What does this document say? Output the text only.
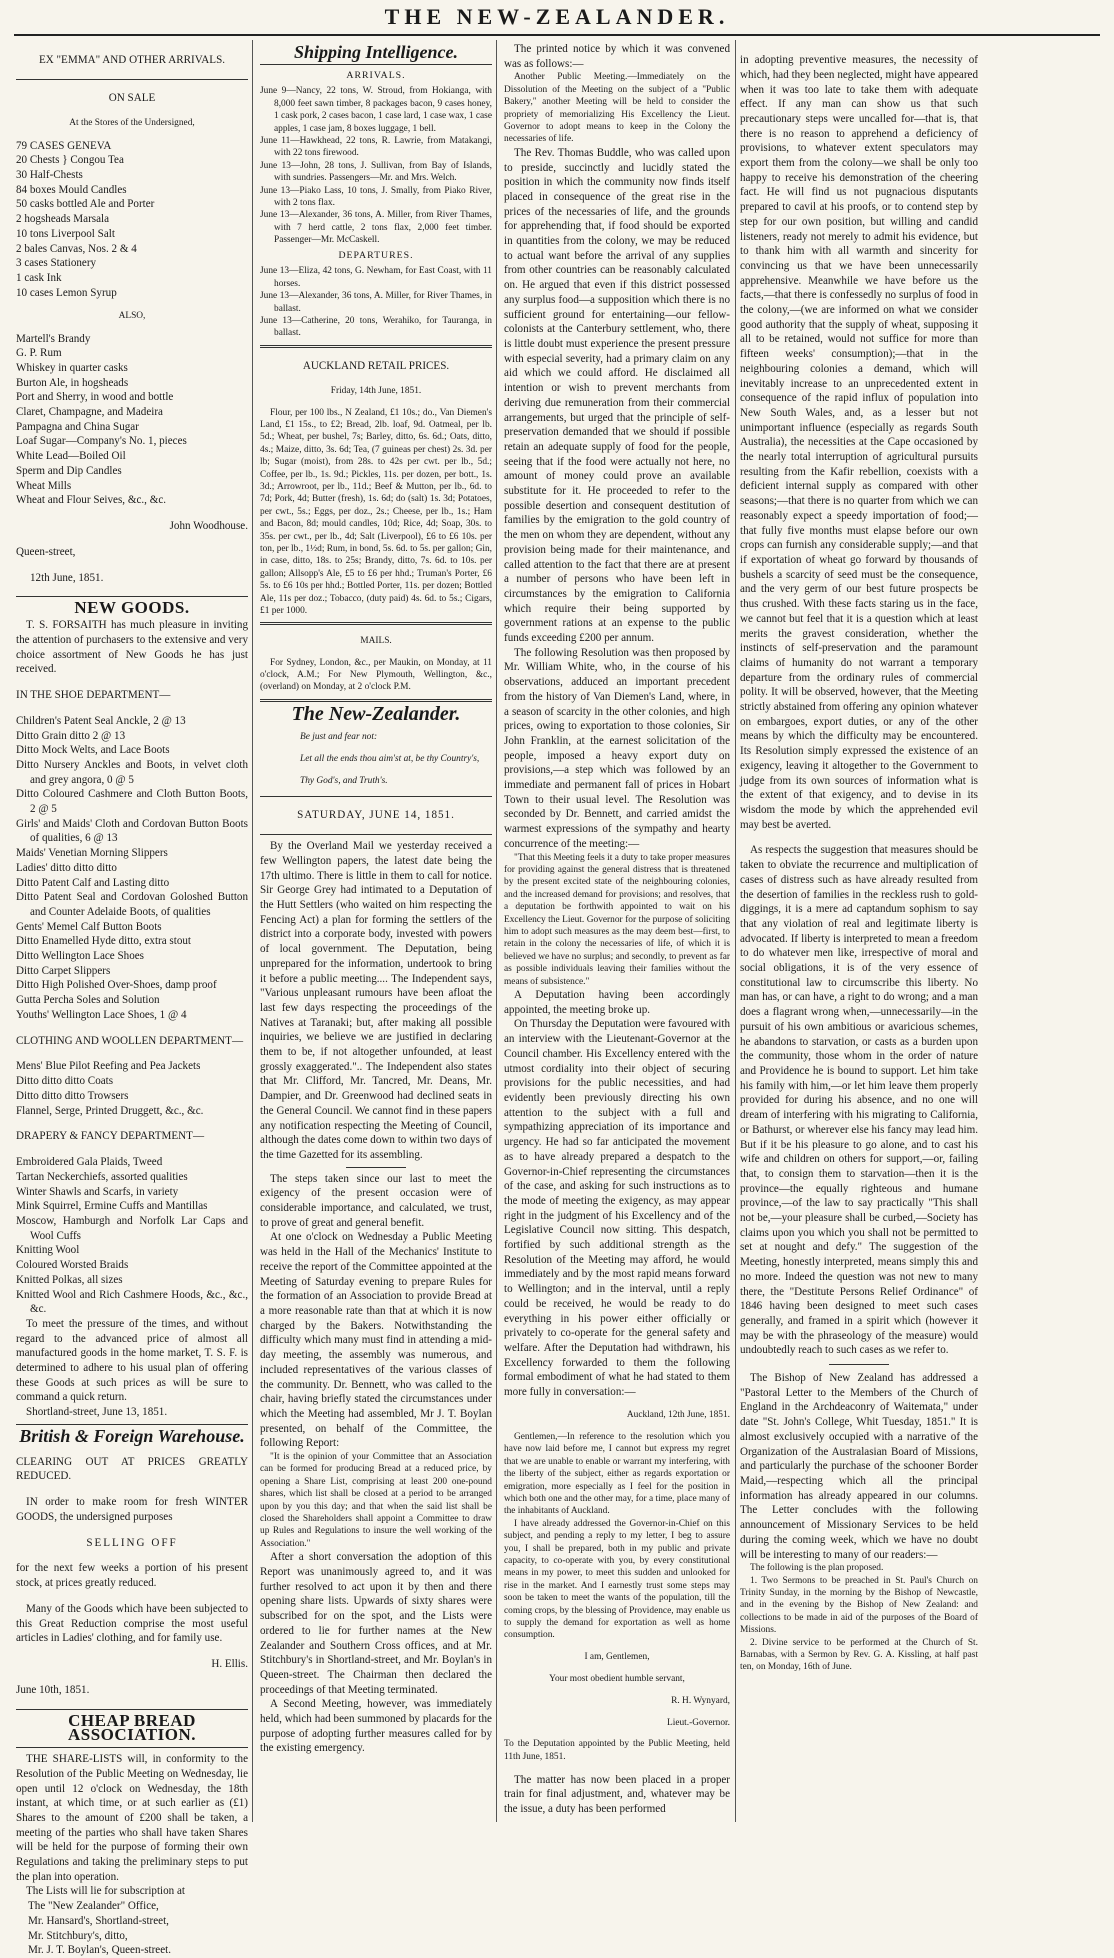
THE NEW-ZEALANDER.

EX "EMMA" AND OTHER ARRIVALS.

ON SALE

At the Stores of the Undersigned,

79 CASES GENEVA

20 Chests } Congou Tea

30 Half-Chests

84 boxes Mould Candles

50 casks bottled Ale and Porter

2 hogsheads Marsala

10 tons Liverpool Salt

2 bales Canvas, Nos. 2 & 4

3 cases Stationery

1 cask Ink

10 cases Lemon Syrup

ALSO,

Martell's Brandy

G. P. Rum

Whiskey in quarter casks

Burton Ale, in hogsheads

Port and Sherry, in wood and bottle

Claret, Champagne, and Madeira

Pampagna and China Sugar

Loaf Sugar—Company's No. 1, pieces

White Lead—Boiled Oil

Sperm and Dip Candles

Wheat Mills

Wheat and Flour Seives, &c., &c.

John Woodhouse.

Queen-street,

12th June, 1851.

NEW GOODS.

T. S. FORSAITH has much pleasure in inviting the attention of purchasers to the extensive and very choice assortment of New Goods he has just received.

IN THE SHOE DEPARTMENT—

Children's Patent Seal Anckle, 2 @ 13

Ditto Grain ditto 2 @ 13

Ditto Mock Welts, and Lace Boots

Ditto Nursery Anckles and Boots, in velvet cloth and grey angora, 0 @ 5

Ditto Coloured Cashmere and Cloth Button Boots, 2 @ 5

Girls' and Maids' Cloth and Cordovan Button Boots of qualities, 6 @ 13

Maids' Venetian Morning Slippers

Ladies' ditto ditto ditto

Ditto Patent Calf and Lasting ditto

Ditto Patent Seal and Cordovan Goloshed Button and Counter Adelaide Boots, of qualities

Gents' Memel Calf Button Boots

Ditto Enamelled Hyde ditto, extra stout

Ditto Wellington Lace Shoes

Ditto Carpet Slippers

Ditto High Polished Over-Shoes, damp proof

Gutta Percha Soles and Solution

Youths' Wellington Lace Shoes, 1 @ 4

CLOTHING AND WOOLLEN DEPARTMENT—

Mens' Blue Pilot Reefing and Pea Jackets

Ditto ditto ditto Coats

Ditto ditto ditto Trowsers

Flannel, Serge, Printed Druggett, &c., &c.

DRAPERY & FANCY DEPARTMENT—

Embroidered Gala Plaids, Tweed

Tartan Neckerchiefs, assorted qualities

Winter Shawls and Scarfs, in variety

Mink Squirrel, Ermine Cuffs and Mantillas

Moscow, Hamburgh and Norfolk Lar Caps and Wool Cuffs

Knitting Wool

Coloured Worsted Braids

Knitted Polkas, all sizes

Knitted Wool and Rich Cashmere Hoods, &c., &c., &c.

To meet the pressure of the times, and without regard to the advanced price of almost all manufactured goods in the home market, T. S. F. is determined to adhere to his usual plan of offering these Goods at such prices as will be sure to command a quick return.

Shortland-street, June 13, 1851.

British & Foreign Warehouse.

CLEARING OUT AT PRICES GREATLY REDUCED.

IN order to make room for fresh WINTER GOODS, the undersigned purposes

SELLING OFF

for the next few weeks a portion of his present stock, at prices greatly reduced.

Many of the Goods which have been subjected to this Great Reduction comprise the most useful articles in Ladies' clothing, and for family use.

H. Ellis.

June 10th, 1851.

CHEAP BREAD ASSOCIATION.

THE SHARE-LISTS will, in conformity to the Resolution of the Public Meeting on Wednesday, lie open until 12 o'clock on Wednesday, the 18th instant, at which time, or at such earlier as (£1) Shares to the amount of £200 shall be taken, a meeting of the parties who shall have taken Shares will be held for the purpose of forming their own Regulations and taking the preliminary steps to put the plan into operation.

The Lists will lie for subscription at

The "New Zealander" Office,

Mr. Hansard's, Shortland-street,

Mr. Stitchbury's, ditto,

Mr. J. T. Boylan's, Queen-street.

Shipping Intelligence.

ARRIVALS.

June 9—Nancy, 22 tons, W. Stroud, from Hokianga, with 8,000 feet sawn timber, 8 packages bacon, 9 cases honey, 1 cask pork, 2 cases bacon, 1 case lard, 1 case wax, 1 case apples, 1 case jam, 8 boxes luggage, 1 bell.

June 11—Hawkhead, 22 tons, R. Lawrie, from Matakangi, with 22 tons firewood.

June 13—John, 28 tons, J. Sullivan, from Bay of Islands, with sundries. Passengers—Mr. and Mrs. Welch.

June 13—Piako Lass, 10 tons, J. Smally, from Piako River, with 2 tons flax.

June 13—Alexander, 36 tons, A. Miller, from River Thames, with 7 herd cattle, 2 tons flax, 2,000 feet timber. Passenger—Mr. McCaskell.

DEPARTURES.

June 13—Eliza, 42 tons, G. Newham, for East Coast, with 11 horses.

June 13—Alexander, 36 tons, A. Miller, for River Thames, in ballast.

June 13—Catherine, 20 tons, Werahiko, for Tauranga, in ballast.

AUCKLAND RETAIL PRICES.

Friday, 14th June, 1851.

Flour, per 100 lbs., N Zealand, £1 10s.; do., Van Diemen's Land, £1 15s., to £2; Bread, 2lb. loaf, 9d. Oatmeal, per lb. 5d.; Wheat, per bushel, 7s; Barley, ditto, 6s. 6d.; Oats, ditto, 4s.; Maize, ditto, 3s. 6d; Tea, (7 guineas per chest) 2s. 3d. per lb; Sugar (moist), from 28s. to 42s per cwt. per lb., 5d.; Coffee, per lb., 1s. 9d.; Pickles, 11s. per dozen, per bott., 1s. 3d.; Arrowroot, per lb., 11d.; Beef & Mutton, per lb., 6d. to 7d; Pork, 4d; Butter (fresh), 1s. 6d; do (salt) 1s. 3d; Potatoes, per cwt., 5s.; Eggs, per doz., 2s.; Cheese, per lb., 1s.; Ham and Bacon, 8d; mould candles, 10d; Rice, 4d; Soap, 30s. to 35s. per cwt., per lb., 4d; Salt (Liverpool), £6 to £6 10s. per ton, per lb., 1½d; Rum, in bond, 5s. 6d. to 5s. per gallon; Gin, in case, ditto, 18s. to 25s; Brandy, ditto, 7s. 6d. to 10s. per gallon; Allsopp's Ale, £5 to £6 per hhd.; Truman's Porter, £6 5s. to £6 10s per hhd.; Bottled Porter, 11s. per dozen; Bottled Ale, 11s per doz.; Tobacco, (duty paid) 4s. 6d. to 5s.; Cigars, £1 per 1000.

MAILS.

For Sydney, London, &c., per Maukin, on Monday, at 11 o'clock, A.M.; For New Plymouth, Wellington, &c., (overland) on Monday, at 2 o'clock P.M.

The New-Zealander.

Be just and fear not:

Let all the ends thou aim'st at, be thy Country's,

Thy God's, and Truth's.

SATURDAY, JUNE 14, 1851.

By the Overland Mail we yesterday received a few Wellington papers, the latest date being the 17th ultimo. There is little in them to call for notice. Sir George Grey had intimated to a Deputation of the Hutt Settlers (who waited on him respecting the Fencing Act) a plan for forming the settlers of the district into a corporate body, invested with powers of local government. The Deputation, being unprepared for the information, undertook to bring it before a public meeting.... The Independent says, "Various unpleasant rumours have been afloat the last few days respecting the proceedings of the Natives at Taranaki; but, after making all possible inquiries, we believe we are justified in declaring them to be, if not altogether unfounded, at least grossly exaggerated.".. The Independent also states that Mr. Clifford, Mr. Tancred, Mr. Deans, Mr. Dampier, and Dr. Greenwood had declined seats in the General Council. We cannot find in these papers any notification respecting the Meeting of Council, although the dates come down to within two days of the time Gazetted for its assembling.

The steps taken since our last to meet the exigency of the present occasion were of considerable importance, and calculated, we trust, to prove of great and general benefit.

At one o'clock on Wednesday a Public Meeting was held in the Hall of the Mechanics' Institute to receive the report of the Committee appointed at the Meeting of Saturday evening to prepare Rules for the formation of an Association to provide Bread at a more reasonable rate than that at which it is now charged by the Bakers. Notwithstanding the difficulty which many must find in attending a mid-day meeting, the assembly was numerous, and included representatives of the various classes of the community. Dr. Bennett, who was called to the chair, having briefly stated the circumstances under which the Meeting had assembled, Mr J. T. Boylan presented, on behalf of the Committee, the following Report:

"It is the opinion of your Committee that an Association can be formed for producing Bread at a reduced price, by opening a Share List, comprising at least 200 one-pound shares, which list shall be closed at a period to be arranged upon by you this day; and that when the said list shall be closed the Shareholders shall appoint a Committee to draw up Rules and Regulations to insure the well working of the Association."

After a short conversation the adoption of this Report was unanimously agreed to, and it was further resolved to act upon it by then and there opening share lists. Upwards of sixty shares were subscribed for on the spot, and the Lists were ordered to lie for further names at the New Zealander and Southern Cross offices, and at Mr. Stitchbury's in Shortland-street, and Mr. Boylan's in Queen-street. The Chairman then declared the proceedings of that Meeting terminated.

A Second Meeting, however, was immediately held, which had been summoned by placards for the purpose of adopting further measures called for by the existing emergency.

The printed notice by which it was convened was as follows:—

Another Public Meeting.—Immediately on the Dissolution of the Meeting on the subject of a "Public Bakery," another Meeting will be held to consider the propriety of memorializing His Excellency the Lieut. Governor to adopt means to keep in the Colony the necessaries of life.

The Rev. Thomas Buddle, who was called upon to preside, succinctly and lucidly stated the position in which the community now finds itself placed in consequence of the great rise in the prices of the necessaries of life, and the grounds for apprehending that, if food should be exported in quantities from the colony, we may be reduced to actual want before the arrival of any supplies from other countries can be reasonably calculated on. He argued that even if this district possessed any surplus food—a supposition which there is no sufficient ground for entertaining—our fellow-colonists at the Canterbury settlement, who, there is little doubt must experience the present pressure with especial severity, had a primary claim on any aid which we could afford. He disclaimed all intention or wish to prevent merchants from deriving due remuneration from their commercial arrangements, but urged that the principle of self-preservation demanded that we should if possible retain an adequate supply of food for the people, seeing that if the food were actually not here, no amount of money could prove an available substitute for it. He proceeded to refer to the possible desertion and consequent destitution of families by the emigration to the gold country of the men on whom they are dependent, without any provision being made for their maintenance, and called attention to the fact that there are at present a number of persons who have been left in circumstances by the emigration to California which require their being supported by government rations at an expense to the public funds exceeding £200 per annum.

The following Resolution was then proposed by Mr. William White, who, in the course of his observations, adduced an important precedent from the history of Van Diemen's Land, where, in a season of scarcity in the other colonies, and high prices, owing to exportation to those colonies, Sir John Franklin, at the earnest solicitation of the people, imposed a heavy export duty on provisions,—a step which was followed by an immediate and permanent fall of prices in Hobart Town to their usual level. The Resolution was seconded by Dr. Bennett, and carried amidst the warmest expressions of the sympathy and hearty concurrence of the meeting:—

"That this Meeting feels it a duty to take proper measures for providing against the general distress that is threatened by the present excited state of the neighbouring colonies, and the increased demand for provisions; and resolves, that a deputation be forthwith appointed to wait on his Excellency the Lieut. Governor for the purpose of soliciting him to adopt such measures as the may deem best—first, to retain in the colony the necessaries of life, of which it is believed we have no surplus; and secondly, to prevent as far as possible individuals leaving their families without the means of subsistence."

A Deputation having been accordingly appointed, the meeting broke up.

On Thursday the Deputation were favoured with an interview with the Lieutenant-Governor at the Council chamber. His Excellency entered with the utmost cordiality into their object of securing provisions for the public necessities, and had evidently been previously directing his own attention to the subject with a full and sympathizing appreciation of its importance and urgency. He had so far anticipated the movement as to have already prepared a despatch to the Governor-in-Chief representing the circumstances of the case, and asking for such instructions as to the mode of meeting the exigency, as may appear right in the judgment of his Excellency and of the Legislative Council now sitting. This despatch, fortified by such additional strength as the Resolution of the Meeting may afford, he would immediately and by the most rapid means forward to Wellington; and in the interval, until a reply could be received, he would be ready to do everything in his power either officially or privately to co-operate for the general safety and welfare. After the Deputation had withdrawn, his Excellency forwarded to them the following formal embodiment of what he had stated to them more fully in conversation:—

Auckland, 12th June, 1851.

Gentlemen,—In reference to the resolution which you have now laid before me, I cannot but express my regret that we are unable to enable or warrant my interfering, with the liberty of the subject, either as regards exportation or emigration, more especially as I feel for the position in which both one and the other may, for a time, place many of the inhabitants of Auckland.

I have already addressed the Governor-in-Chief on this subject, and pending a reply to my letter, I beg to assure you, I shall be prepared, both in my public and private capacity, to co-operate with you, by every constitutional means in my power, to meet this sudden and unlooked for rise in the market. And I earnestly trust some steps may soon be taken to meet the wants of the population, till the coming crops, by the blessing of Providence, may enable us to supply the demand for exportation as well as home consumption.

I am, Gentlemen,

Your most obedient humble servant,

R. H. Wynyard,

Lieut.-Governor.

To the Deputation appointed by the Public Meeting, held 11th June, 1851.

The matter has now been placed in a proper train for final adjustment, and, whatever may be the issue, a duty has been performed

in adopting preventive measures, the necessity of which, had they been neglected, might have appeared when it was too late to take them with adequate effect. If any man can show us that such precautionary steps were uncalled for—that is, that there is no reason to apprehend a deficiency of provisions, to whatever extent speculators may export them from the colony—we shall be only too happy to receive his demonstration of the cheering fact. He will find us not pugnacious disputants prepared to cavil at his proofs, or to contend step by step for our own position, but willing and candid listeners, ready not merely to admit his evidence, but to thank him with all warmth and sincerity for convincing us that we have been unnecessarily apprehensive. Meanwhile we have before us the facts,—that there is confessedly no surplus of food in the colony,—(we are informed on what we consider good authority that the supply of wheat, supposing it all to be retained, would not suffice for more than fifteen weeks' consumption);—that in the neighbouring colonies a demand, which will inevitably increase to an unprecedented extent in consequence of the rapid influx of population into New South Wales, and, as a lesser but not unimportant influence (especially as regards South Australia), the necessities at the Cape occasioned by the nearly total interruption of agricultural pursuits resulting from the Kafir rebellion, coexists with a deficient internal supply as compared with other seasons;—that there is no quarter from which we can reasonably expect a speedy importation of food;—that fully five months must elapse before our own crops can furnish any considerable supply;—and that if exportation of wheat go forward by thousands of bushels a scarcity of seed must be the consequence, and the very germ of our best future prospects be thus crushed. With these facts staring us in the face, we cannot but feel that it is a question which at least merits the gravest consideration, whether the instincts of self-preservation and the paramount claims of humanity do not warrant a temporary departure from the ordinary rules of commercial polity. It will be observed, however, that the Meeting strictly abstained from offering any opinion whatever on embargoes, export duties, or any of the other means by which the difficulty may be encountered. Its Resolution simply expressed the existence of an exigency, leaving it altogether to the Government to judge from its own sources of information what is the extent of that exigency, and to devise in its wisdom the mode by which the apprehended evil may best be averted.

As respects the suggestion that measures should be taken to obviate the recurrence and multiplication of cases of distress such as have already resulted from the desertion of families in the reckless rush to gold-diggings, it is a mere ad captandum sophism to say that any violation of real and legitimate liberty is advocated. If liberty is interpreted to mean a freedom to do whatever men like, irrespective of moral and social obligations, it is of the very essence of constitutional law to circumscribe this liberty. No man has, or can have, a right to do wrong; and a man does a flagrant wrong when,—unnecessarily—in the pursuit of his own ambitious or avaricious schemes, he abandons to starvation, or casts as a burden upon the community, those whom in the order of nature and Providence he is bound to support. Let him take his family with him,—or let him leave them properly provided for during his absence, and no one will dream of interfering with his migrating to California, or Bathurst, or wherever else his fancy may lead him. But if it be his pleasure to go alone, and to cast his wife and children on others for support,—or, failing that, to consign them to starvation—then it is the province—the equally righteous and humane province,—of the law to say practically "This shall not be,—your pleasure shall be curbed,—Society has claims upon you which you shall not be permitted to set at nought and defy." The suggestion of the Meeting, honestly interpreted, means simply this and no more. Indeed the question was not new to many there, the "Destitute Persons Relief Ordinance" of 1846 having been designed to meet such cases generally, and framed in a spirit which (however it may be with the phraseology of the measure) would undoubtedly reach to such cases as we refer to.

The Bishop of New Zealand has addressed a "Pastoral Letter to the Members of the Church of England in the Archdeaconry of Waitemata," under date "St. John's College, Whit Tuesday, 1851." It is almost exclusively occupied with a narrative of the Organization of the Australasian Board of Missions, and particularly the purchase of the schooner Border Maid,—respecting which all the principal information has already appeared in our columns. The Letter concludes with the following announcement of Missionary Services to be held during the coming week, which we have no doubt will be interesting to many of our readers:—

The following is the plan proposed.

1. Two Sermons to be preached in St. Paul's Church on Trinity Sunday, in the morning by the Bishop of Newcastle, and in the evening by the Bishop of New Zealand: and collections to be made in aid of the purposes of the Board of Missions.

2. Divine service to be performed at the Church of St. Barnabas, with a Sermon by Rev. G. A. Kissling, at half past ten, on Monday, 16th of June.
